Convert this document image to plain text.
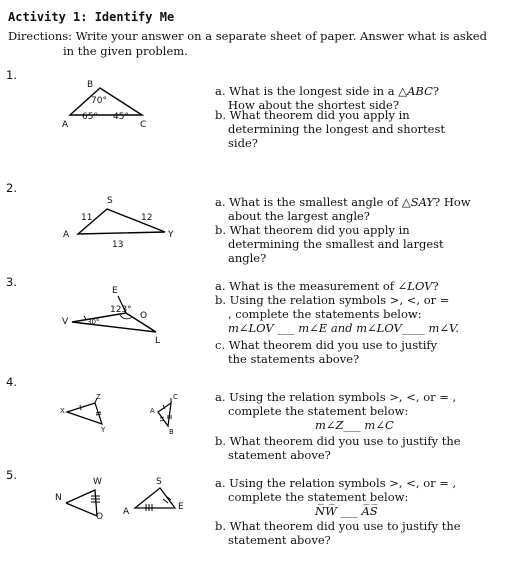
Activity 1: Identify Me
Directions: Write your answer on a separate sheet of paper. Answer what is asked
in the given problem.
1.
2.
3.
4.
5.
B
70°
65° 45°
A	C
S
11	12
A	Y
13
E
123°
O
V	30°
L
Z
X
Y
C
A
B
W
N
O
S
A	E
a. What is the longest side in a △ABC?
How about the shortest side?
b. What theorem did you apply in
determining the longest and shortest
side?
a. What is the smallest angle of △SAY? How
about the largest angle?
b. What theorem did you apply in
determining the smallest and largest
angle?
a. What is the measurement of ∠LOV?
b. Using the relation symbols >, <, or =
, complete the statements below:
m∠LOV ___ m∠E and m∠LOV____ m∠V.
c. What theorem did you use to justify
the statements above?
a. Using the relation symbols >, <, or = ,
complete the statement below:
m∠Z___ m∠C
b. What theorem did you use to justify the
statement above?
a. Using the relation symbols >, <, or = ,
complete the statement below:
N̅W̅ ___ A̅S̅
b. What theorem did you use to justify the
statement above?
